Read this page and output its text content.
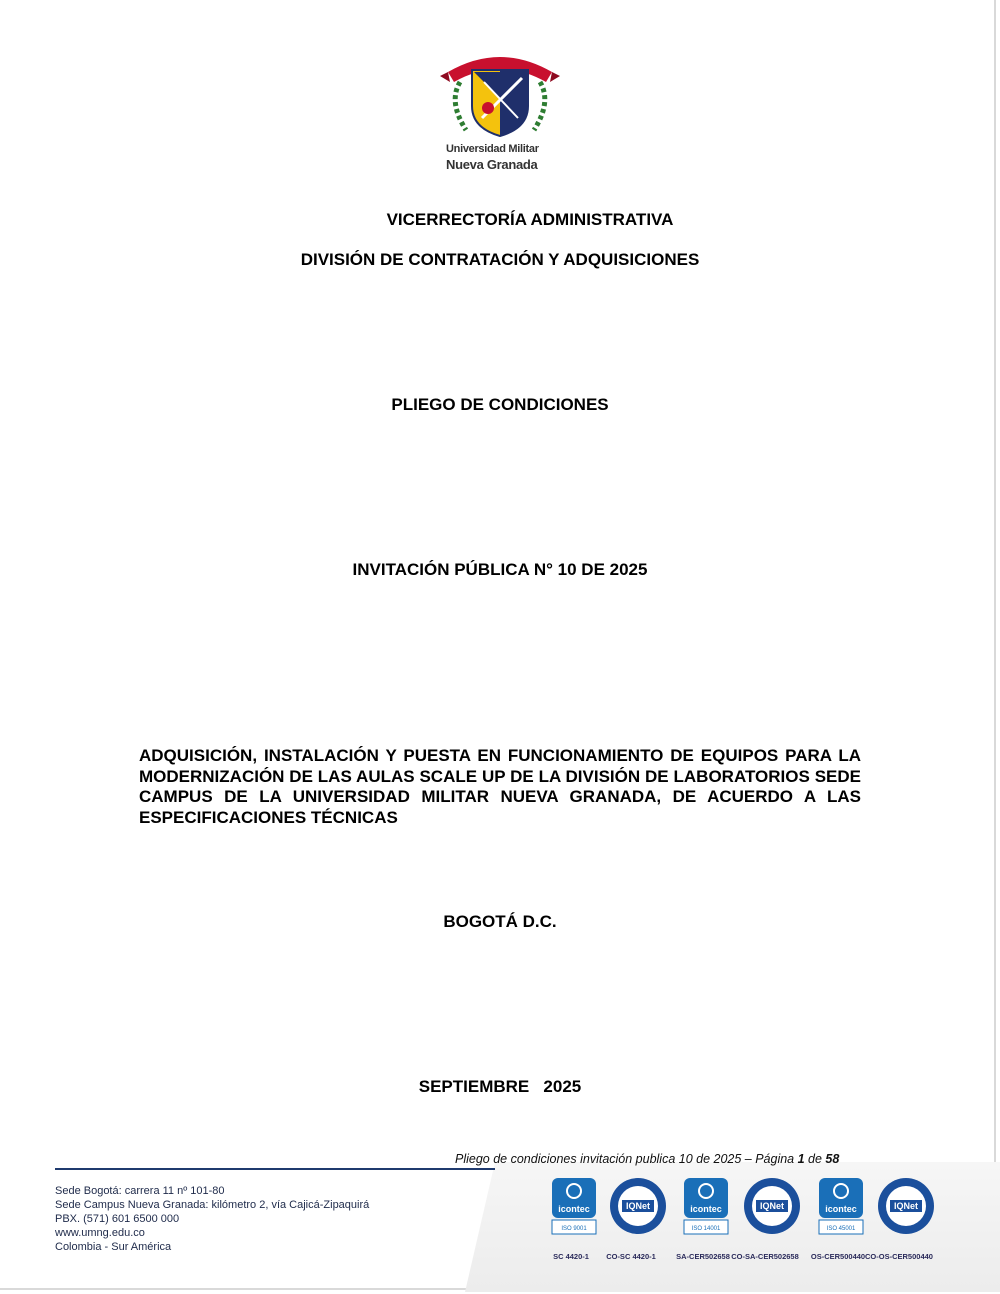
Universidad Militar
Nueva Granada
VICERRECTORÍA ADMINISTRATIVA
DIVISIÓN DE CONTRATACIÓN Y ADQUISICIONES
PLIEGO DE CONDICIONES
INVITACIÓN PÚBLICA N° 10 DE 2025
ADQUISICIÓN, INSTALACIÓN Y PUESTA EN FUNCIONAMIENTO DE EQUIPOS PARA LA MODERNIZACIÓN DE LAS AULAS SCALE UP DE LA DIVISIÓN DE LABORATORIOS SEDE CAMPUS DE LA UNIVERSIDAD MILITAR NUEVA GRANADA, DE ACUERDO A LAS ESPECIFICACIONES TÉCNICAS
BOGOTÁ D.C.
SEPTIEMBRE   2025
Pliego de condiciones invitación publica 10 de 2025 – Página 1 de 58
Sede Bogotá: carrera 11 nº 101-80
Sede Campus Nueva Granada: kilómetro 2, vía Cajicá-Zipaquirá
PBX. (571) 601 6500 000
www.umng.edu.co
Colombia - Sur América
icontec
ISO 9001
SC 4420-1
IQNet
CO-SC 4420-1
icontec
ISO 14001
SA-CER502658
IQNet
CO-SA-CER502658
icontec
ISO 45001
OS-CER500440
IQNet
CO-OS-CER500440
